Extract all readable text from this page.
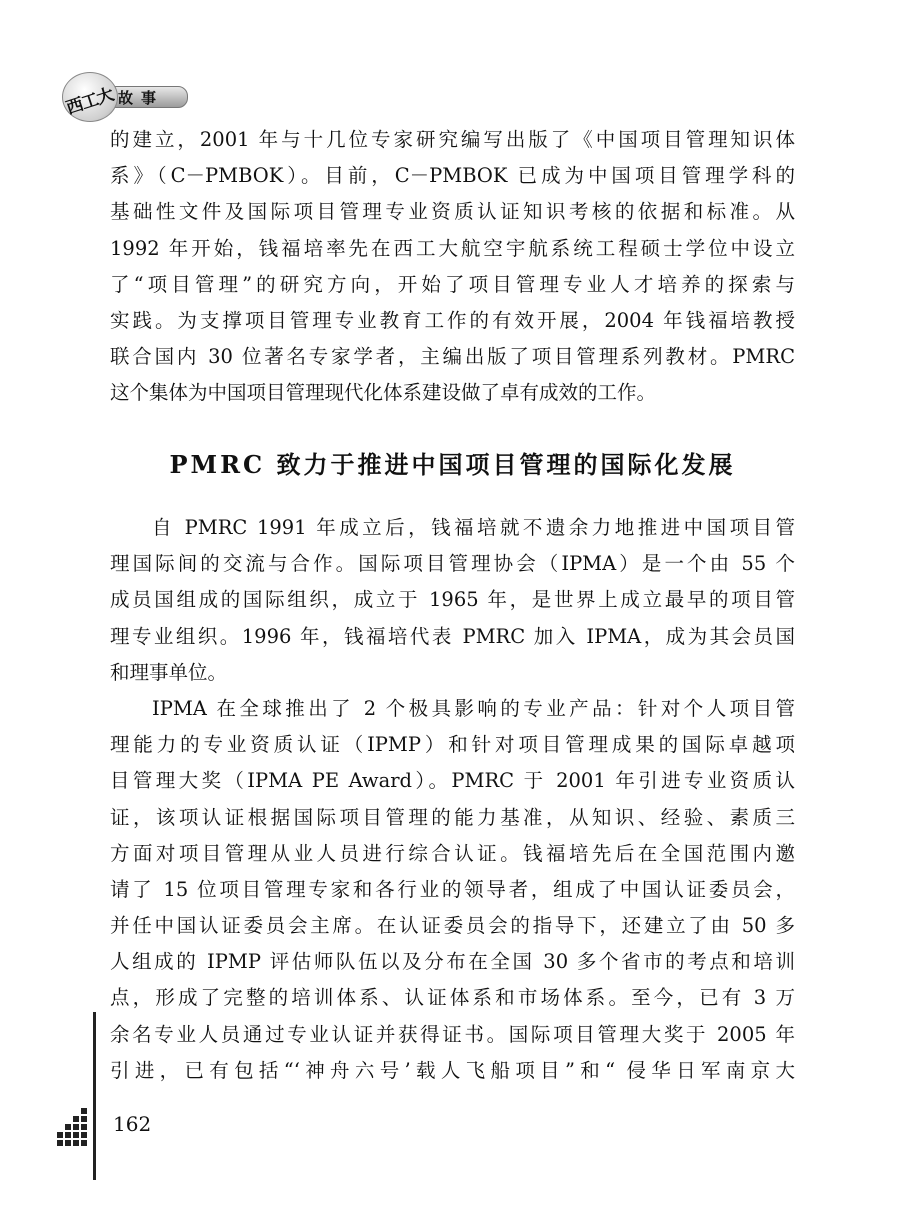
故事
西工大
的建立，2001 年与十几位专家研究编写出版了《中国项目管理知识体
系》（C－PMBOK）。目前，C－PMBOK 已成为中国项目管理学科的
基础性文件及国际项目管理专业资质认证知识考核的依据和标准。从
1992 年开始，钱福培率先在西工大航空宇航系统工程硕士学位中设立
了“项目管理”的研究方向，开始了项目管理专业人才培养的探索与
实践。为支撑项目管理专业教育工作的有效开展，2004 年钱福培教授
联合国内 30 位著名专家学者，主编出版了项目管理系列教材。PMRC
这个集体为中国项目管理现代化体系建设做了卓有成效的工作。
PMRC 致力于推进中国项目管理的国际化发展
自 PMRC 1991 年成立后，钱福培就不遗余力地推进中国项目管
理国际间的交流与合作。国际项目管理协会（IPMA）是一个由 55 个
成员国组成的国际组织，成立于 1965 年，是世界上成立最早的项目管
理专业组织。1996 年，钱福培代表 PMRC 加入 IPMA，成为其会员国
和理事单位。
IPMA 在全球推出了 2 个极具影响的专业产品：针对个人项目管
理能力的专业资质认证（IPMP）和针对项目管理成果的国际卓越项
目管理大奖（IPMA PE Award）。PMRC 于 2001 年引进专业资质认
证，该项认证根据国际项目管理的能力基准，从知识、经验、素质三
方面对项目管理从业人员进行综合认证。钱福培先后在全国范围内邀
请了 15 位项目管理专家和各行业的领导者，组成了中国认证委员会，
并任中国认证委员会主席。在认证委员会的指导下，还建立了由 50 多
人组成的 IPMP 评估师队伍以及分布在全国 30 多个省市的考点和培训
点，形成了完整的培训体系、认证体系和市场体系。至今，已有 3 万
余名专业人员通过专业认证并获得证书。国际项目管理大奖于 2005 年
引进，已有包括“‘神舟六号’载人飞船项目”和“ 侵华日军南京大
162
